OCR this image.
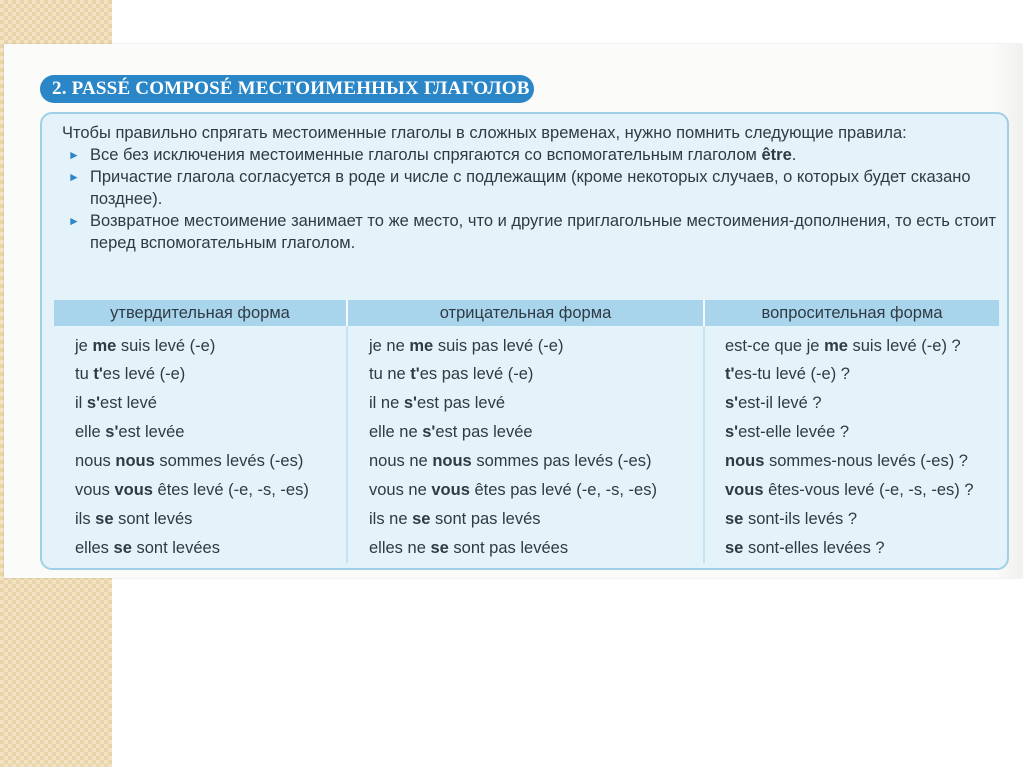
2. PASSÉ COMPOSÉ МЕСТОИМЕННЫХ ГЛАГОЛОВ
Чтобы правильно спрягать местоименные глаголы в сложных временах, нужно помнить следующие правила:
► Все без исключения местоименные глаголы спрягаются со вспомогательным глаголом être.
► Причастие глагола согласуется в роде и числе с подлежащим (кроме некоторых случаев, о которых будет сказано позднее).
► Возвратное местоимение занимает то же место, что и другие приглагольные местоимения-дополнения, то есть стоит перед вспомогательным глаголом.
утвердительная форма	отрицательная форма	вопросительная форма
je me suis levé (-e)	je ne me suis pas levé (-e)	est-ce que je me suis levé (-e) ?
tu t'es levé (-e)	tu ne t'es pas levé (-e)	t'es-tu levé (-e) ?
il s'est levé	il ne s'est pas levé	s'est-il levé ?
elle s'est levée	elle ne s'est pas levée	s'est-elle levée ?
nous nous sommes levés (-es)	nous ne nous sommes pas levés (-es)	nous sommes-nous levés (-es) ?
vous vous êtes levé (-e, -s, -es)	vous ne vous êtes pas levé (-e, -s, -es)	vous êtes-vous levé (-e, -s, -es) ?
ils se sont levés	ils ne se sont pas levés	se sont-ils levés ?
elles se sont levées	elles ne se sont pas levées	se sont-elles levées ?
